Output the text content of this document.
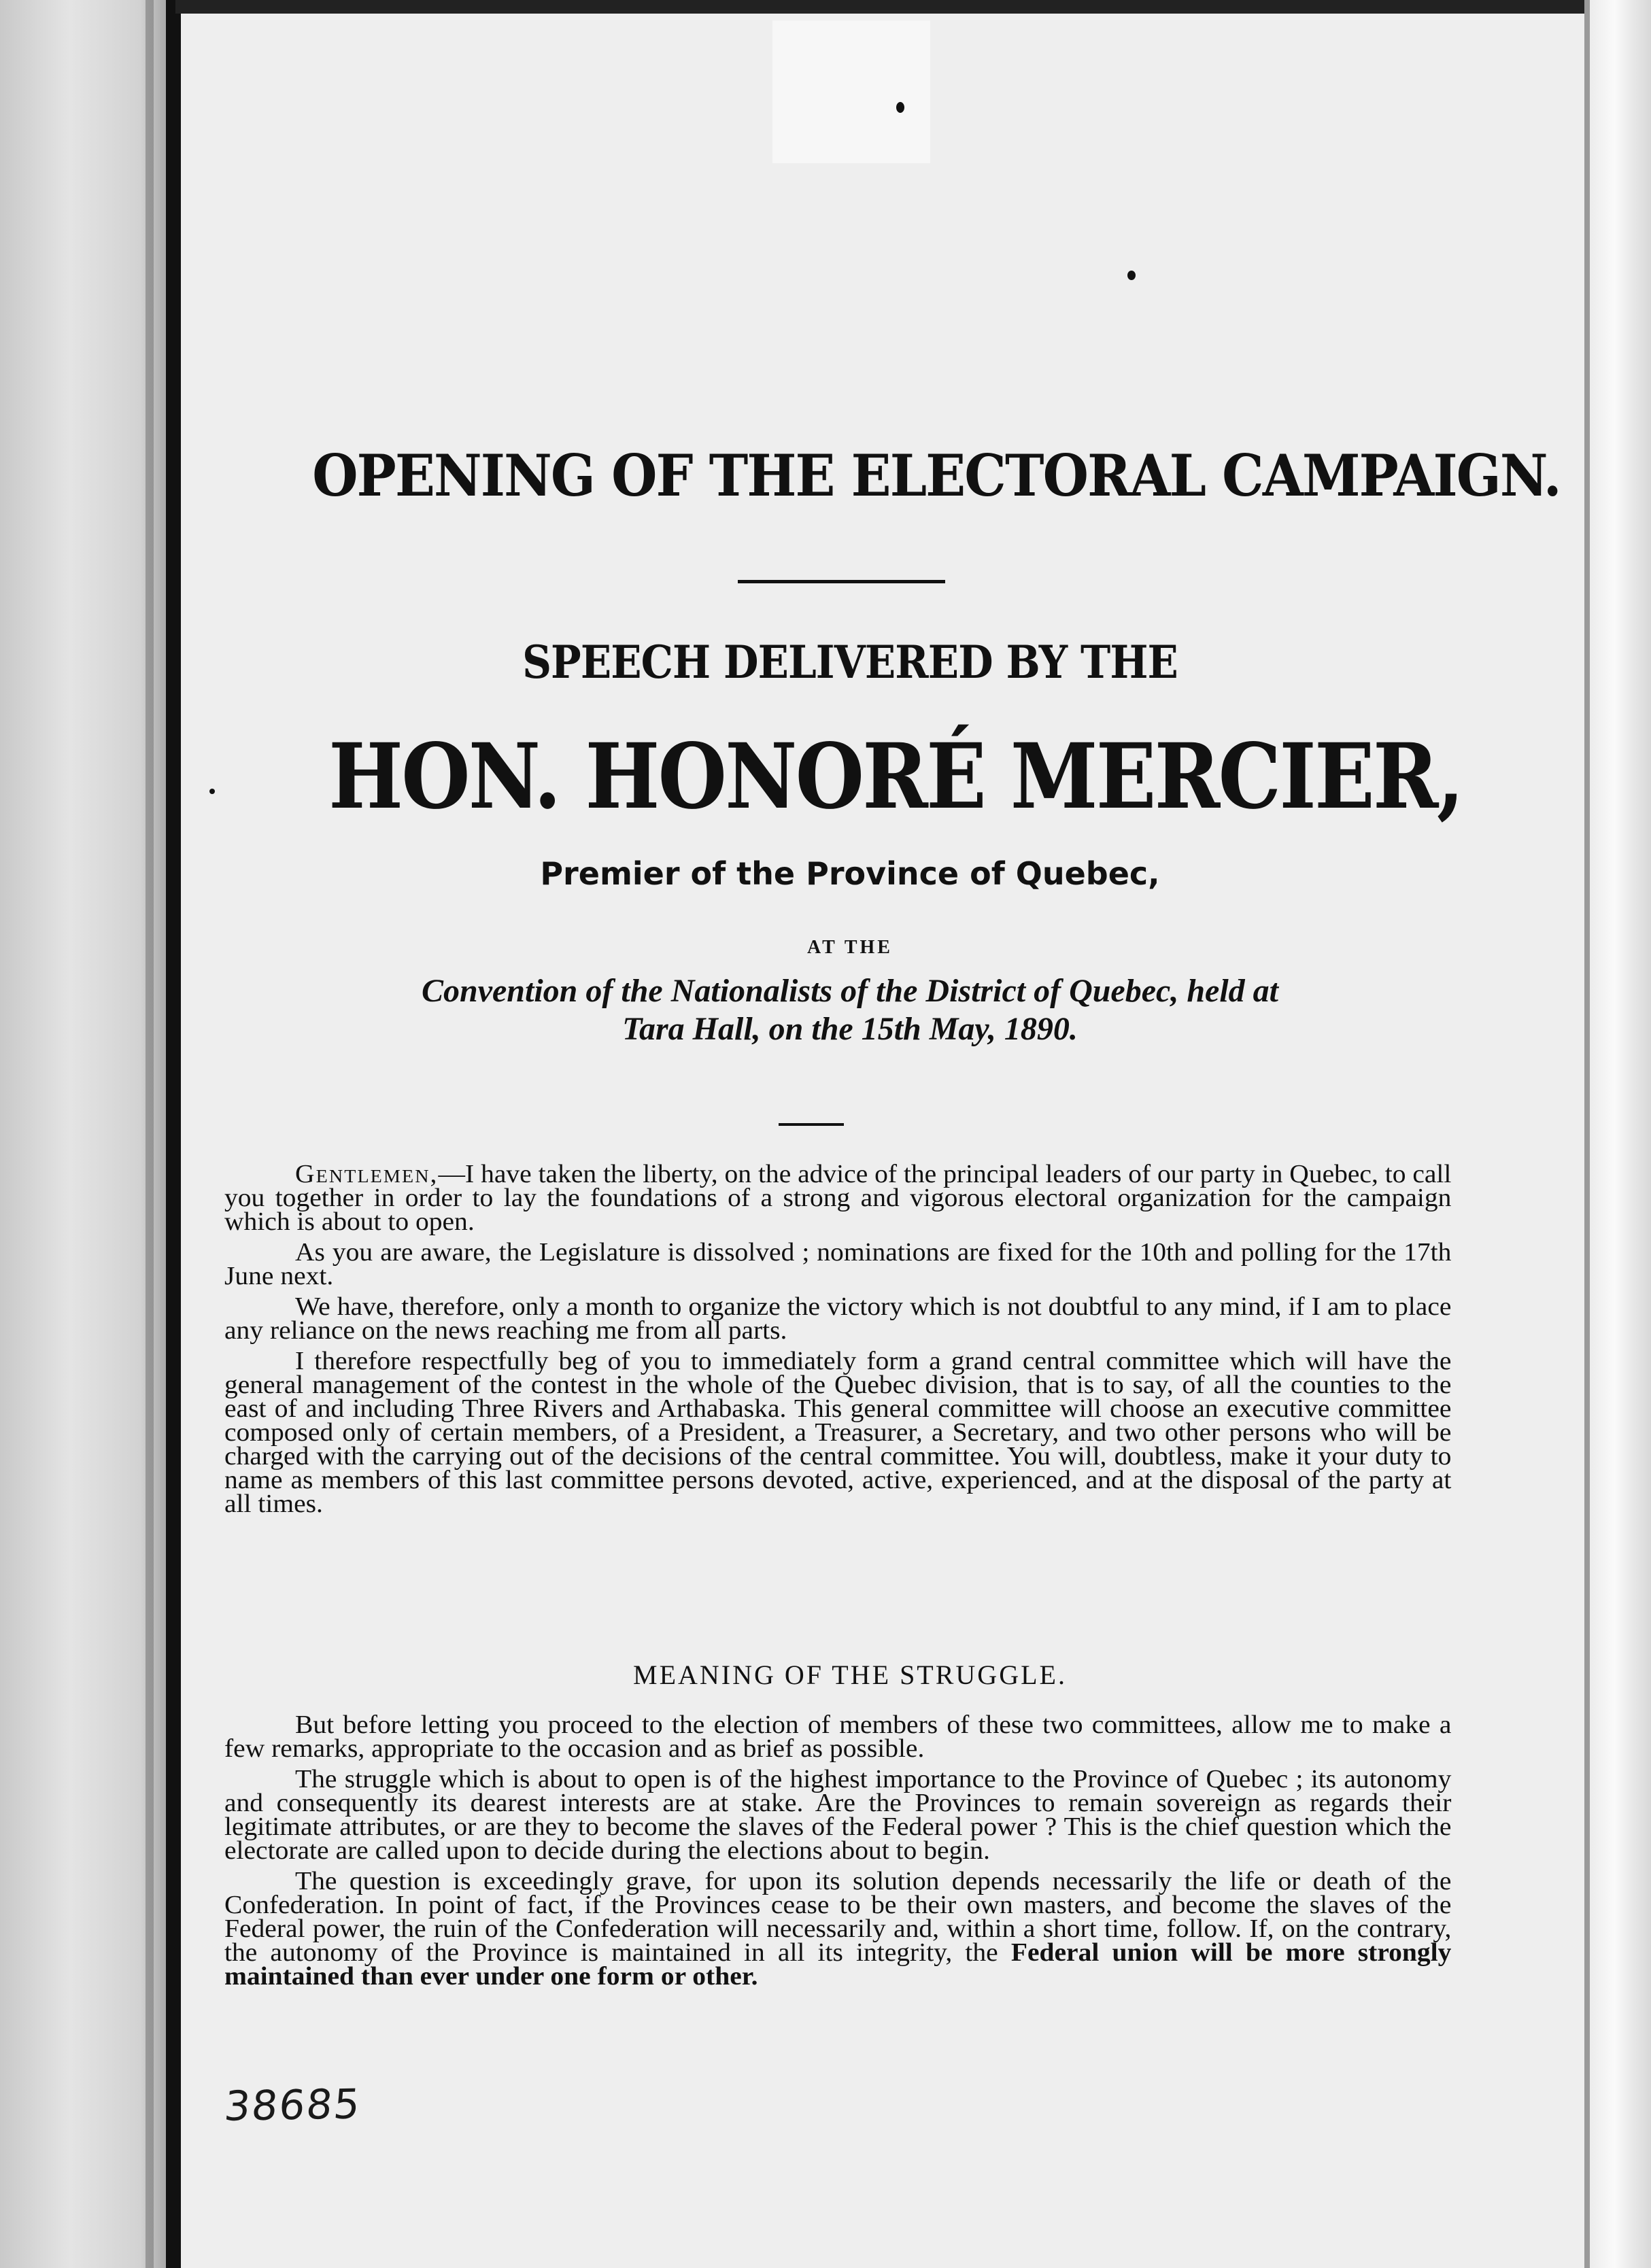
OPENING OF THE ELECTORAL CAMPAIGN.
SPEECH DELIVERED BY THE
HON. HONORÉ MERCIER,
Premier of the Province of Quebec,
AT THE
Convention of the Nationalists of the District of Quebec, held at
Tara Hall, on the 15th May, 1890.

Gentlemen,—I have taken the liberty, on the advice of the principal leaders of our party in Quebec, to call you together in order to lay the foundations of a strong and vigorous electoral organization for the campaign which is about to open.

As you are aware, the Legislature is dissolved ; nominations are fixed for the 10th and polling for the 17th June next.

We have, therefore, only a month to organize the victory which is not doubtful to any mind, if I am to place any reliance on the news reaching me from all parts.

I therefore respectfully beg of you to immediately form a grand central committee which will have the general management of the contest in the whole of the Quebec division, that is to say, of all the counties to the east of and including Three Rivers and Arthabaska. This general committee will choose an executive committee composed only of certain members, of a President, a Treasurer, a Secretary, and two other persons who will be charged with the carrying out of the decisions of the central committee. You will, doubtless, make it your duty to name as members of this last committee persons devoted, active, experienced, and at the disposal of the party at all times.

MEANING OF THE STRUGGLE.

But before letting you proceed to the election of members of these two committees, allow me to make a few remarks, appropriate to the occasion and as brief as possible.

The struggle which is about to open is of the highest importance to the Province of Quebec ; its autonomy and consequently its dearest interests are at stake. Are the Provinces to remain sovereign as regards their legitimate attributes, or are they to become the slaves of the Federal power ? This is the chief question which the electorate are called upon to decide during the elections about to begin.

The question is exceedingly grave, for upon its solution depends necessarily the life or death of the Confederation. In point of fact, if the Provinces cease to be their own masters, and become the slaves of the Federal power, the ruin of the Confederation will necessarily and, within a short time, follow. If, on the contrary, the autonomy of the Province is maintained in all its integrity, the Federal union will be more strongly maintained than ever under one form or other.

38685
